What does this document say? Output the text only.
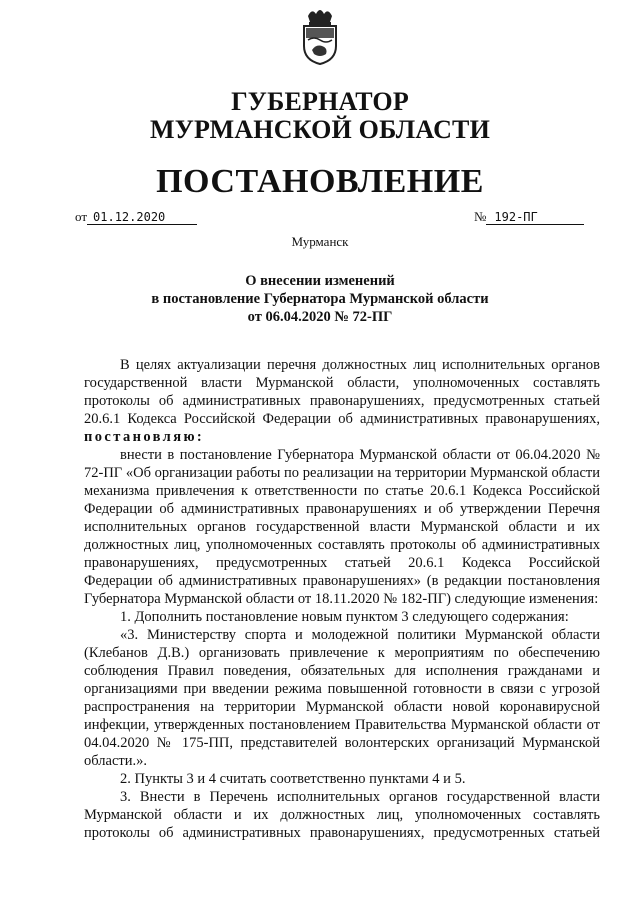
ГУБЕРНАТОР
МУРМАНСКОЙ ОБЛАСТИ
ПОСТАНОВЛЕНИЕ
от 01.12.2020	№ 192-ПГ
Мурманск
О внесении изменений
в постановление Губернатора Мурманской области
от 06.04.2020 № 72-ПГ

В целях актуализации перечня должностных лиц исполнительных органов государственной власти Мурманской области, уполномоченных составлять протоколы об административных правонарушениях, предусмотренных статьей 20.6.1 Кодекса Российской Федерации об административных правонарушениях, постановляю:

внести в постановление Губернатора Мурманской области от 06.04.2020 № 72-ПГ «Об организации работы по реализации на территории Мурманской области механизма привлечения к ответственности по статье 20.6.1 Кодекса Российской Федерации об административных правонарушениях и об утверждении Перечня исполнительных органов государственной власти Мурманской области и их должностных лиц, уполномоченных составлять протоколы об административных правонарушениях, предусмотренных статьей 20.6.1 Кодекса Российской Федерации об административных правонарушениях» (в редакции постановления Губернатора Мурманской области от 18.11.2020 № 182-ПГ) следующие изменения:

1. Дополнить постановление новым пунктом 3 следующего содержания:

«3. Министерству спорта и молодежной политики Мурманской области (Клебанов Д.В.) организовать привлечение к мероприятиям по обеспечению соблюдения Правил поведения, обязательных для исполнения гражданами и организациями при введении режима повышенной готовности в связи с угрозой распространения на территории Мурманской области новой коронавирусной инфекции, утвержденных постановлением Правительства Мурманской области от 04.04.2020 № 175-ПП, представителей волонтерских организаций Мурманской области.».

2. Пункты 3 и 4 считать соответственно пунктами 4 и 5.

3. Внести в Перечень исполнительных органов государственной власти Мурманской области и их должностных лиц, уполномоченных составлять протоколы об административных правонарушениях, предусмотренных статьей
